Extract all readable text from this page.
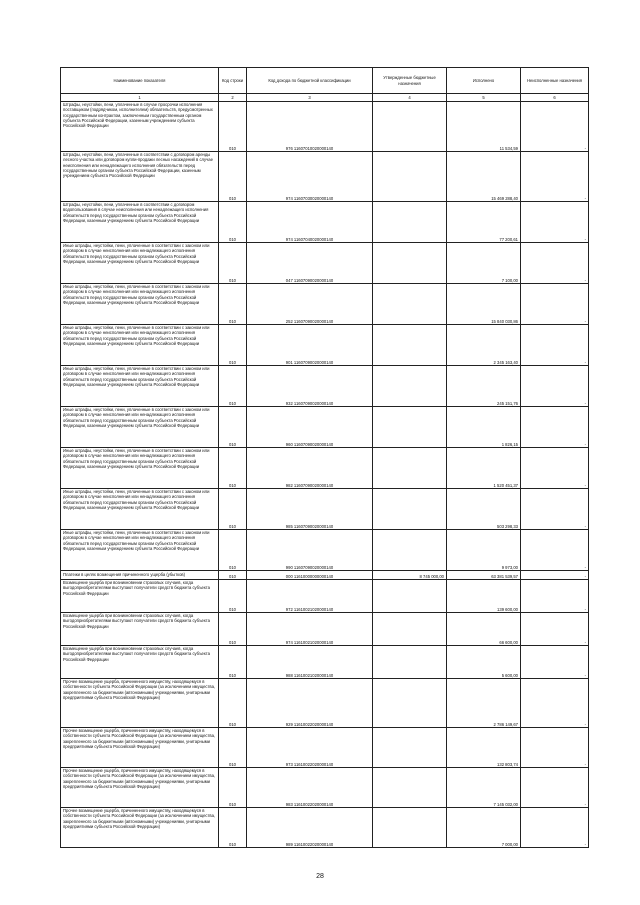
Наименование показателя	Код строки	Код дохода по бюджетной классификации	Утвержденные бюджетные назначения	Исполнено	Неисполненные назначения
1	2	3	4	5	6
Штрафы, неустойки, пени, уплаченные в случае просрочки исполнения поставщиком (подрядчиком, исполнителем) обязательств, предусмотренных государственным контрактом, заключенным государственным органом субъекта Российской Федерации, казенным учреждением субъекта Российской Федерации	010	976 11607010020000140		11 534,59	-
Штрафы, неустойки, пени, уплаченные в соответствии с договором аренды лесного участка или договором купли-продажи лесных насаждений в случае неисполнения или ненадлежащего исполнения обязательств перед государственным органом субъекта Российской Федерации, казенным учреждением субъекта Российской Федерации	010	974 11607030020000140		15 469 288,40	-
Штрафы, неустойки, пени, уплаченные в соответствии с договором водопользования в случае неисполнения или ненадлежащего исполнения обязательств перед государственным органом субъекта Российской Федерации, казенным учреждением субъекта Российской Федерации	010	974 11607040020000140		77 200,61	-
Иные штрафы, неустойки, пени, уплаченные в соответствии с законом или договором в случае неисполнения или ненадлежащего исполнения обязательств перед государственным органом субъекта Российской Федерации, казенным учреждением субъекта Российской Федерации	010	047 11607090020000140		7 100,00	-
Иные штрафы, неустойки, пени, уплаченные в соответствии с законом или договором в случае неисполнения или ненадлежащего исполнения обязательств перед государственным органом субъекта Российской Федерации, казенным учреждением субъекта Российской Федерации	010	252 11607090020000140		15 840 030,86	-
Иные штрафы, неустойки, пени, уплаченные в соответствии с законом или договором в случае неисполнения или ненадлежащего исполнения обязательств перед государственным органом субъекта Российской Федерации, казенным учреждением субъекта Российской Федерации	010	901 11607090020000140		2 345 163,40	-
Иные штрафы, неустойки, пени, уплаченные в соответствии с законом или договором в случае неисполнения или ненадлежащего исполнения обязательств перед государственным органом субъекта Российской Федерации, казенным учреждением субъекта Российской Федерации	010	932 11607090020000140		245 151,76	-
Иные штрафы, неустойки, пени, уплаченные в соответствии с законом или договором в случае неисполнения или ненадлежащего исполнения обязательств перед государственным органом субъекта Российской Федерации, казенным учреждением субъекта Российской Федерации	010	960 11607090020000140		1 826,15	-
Иные штрафы, неустойки, пени, уплаченные в соответствии с законом или договором в случае неисполнения или ненадлежащего исполнения обязательств перед государственным органом субъекта Российской Федерации, казенным учреждением субъекта Российской Федерации	010	982 11607090020000140		1 520 451,37	-
Иные штрафы, неустойки, пени, уплаченные в соответствии с законом или договором в случае неисполнения или ненадлежащего исполнения обязательств перед государственным органом субъекта Российской Федерации, казенным учреждением субъекта Российской Федерации	010	985 11607090020000140		503 298,33	-
Иные штрафы, неустойки, пени, уплаченные в соответствии с законом или договором в случае неисполнения или ненадлежащего исполнения обязательств перед государственным органом субъекта Российской Федерации, казенным учреждением субъекта Российской Федерации	010	990 11607090020000140		9 973,00	-
Платежи в целях возмещения причиненного ущерба (убытков)	010	000 11610000000000140	8 745 000,00	63 381 539,57	-
Возмещение ущерба при возникновении страховых случаев, когда выгодоприобретателями выступают получатели средств бюджета субъекта Российской Федерации	010	972 11610021020000140		139 600,00	-
Возмещение ущерба при возникновении страховых случаев, когда выгодоприобретателями выступают получатели средств бюджета субъекта Российской Федерации	010	974 11610021020000140		66 600,00	-
Возмещение ущерба при возникновении страховых случаев, когда выгодоприобретателями выступают получатели средств бюджета субъекта Российской Федерации	010	988 11610021020000140		5 600,00	-
Прочее возмещение ущерба, причиненного имуществу, находящемуся в собственности субъекта Российской Федерации (за исключением имущества, закрепленного за бюджетными (автономными) учреждениями, унитарными предприятиями субъекта Российской Федерации)	010	929 11610022020000140		2 786 149,67	-
Прочее возмещение ущерба, причиненного имуществу, находящемуся в собственности субъекта Российской Федерации (за исключением имущества, закрепленного за бюджетными (автономными) учреждениями, унитарными предприятиями субъекта Российской Федерации)	010	973 11610022020000140		132 803,74	-
Прочее возмещение ущерба, причиненного имуществу, находящемуся в собственности субъекта Российской Федерации (за исключением имущества, закрепленного за бюджетными (автономными) учреждениями, унитарными предприятиями субъекта Российской Федерации)	010	983 11610022020000140		7 145 032,00	-
Прочее возмещение ущерба, причиненного имуществу, находящемуся в собственности субъекта Российской Федерации (за исключением имущества, закрепленного за бюджетными (автономными) учреждениями, унитарными предприятиями субъекта Российской Федерации)	010	989 11610022020000140		7 000,00	-
28
